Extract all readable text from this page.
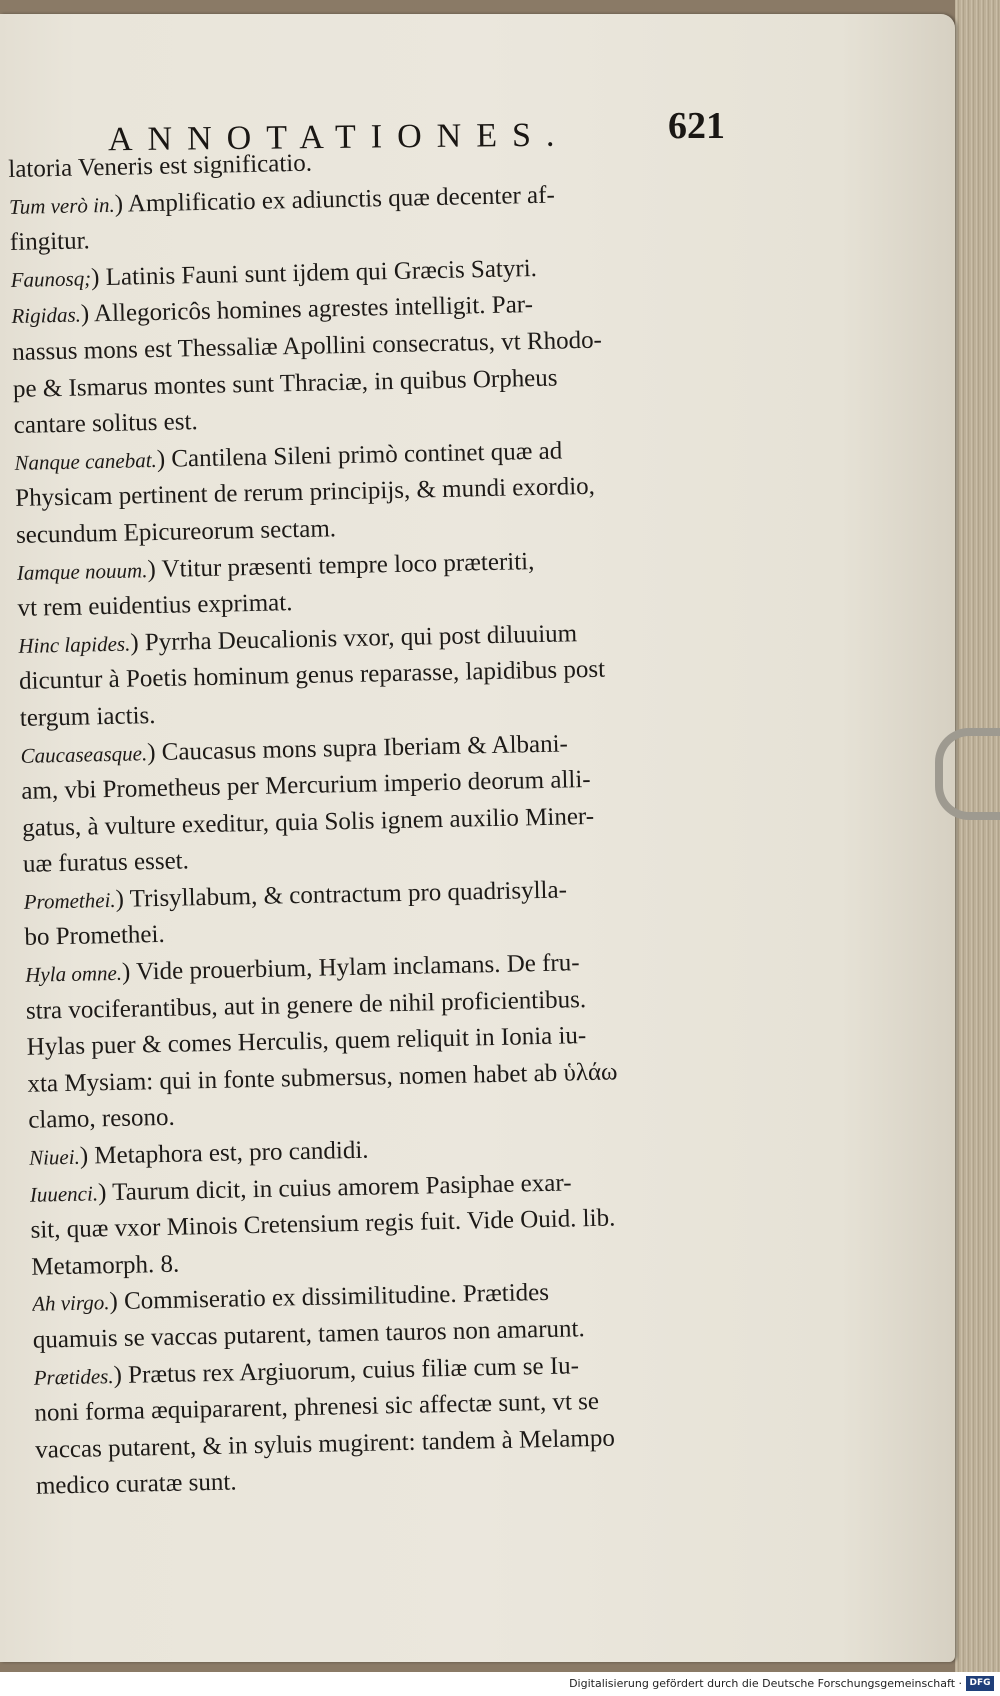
ANNOTATIONES.	621
latoria Veneris est significatio.
Tum verò in.) Amplificatio ex adiunctis quæ decenter af-
fingitur.
Faunosq;) Latinis Fauni sunt ijdem qui Græcis Satyri.
Rigidas.) Allegoricôs homines agrestes intelligit. Par-
nassus mons est Thessaliæ Apollini consecratus, vt Rhodo-
pe & Ismarus montes sunt Thraciæ, in quibus Orpheus
cantare solitus est.
Nanque canebat.) Cantilena Sileni primò continet quæ ad
Physicam pertinent de rerum principijs, & mundi exordio,
secundum Epicureorum sectam.
Iamque nouum.) Vtitur præsenti tempre loco præteriti,
vt rem euidentius exprimat.
Hinc lapides.) Pyrrha Deucalionis vxor, qui post diluuium
dicuntur à Poetis hominum genus reparasse, lapidibus post
tergum iactis.
Caucaseasque.) Caucasus mons supra Iberiam & Albani-
am, vbi Prometheus per Mercurium imperio deorum alli-
gatus, à vulture exeditur, quia Solis ignem auxilio Miner-
uæ furatus esset.
Promethei.) Trisyllabum, & contractum pro quadrisylla-
bo Promethei.
Hyla omne.) Vide prouerbium, Hylam inclamans. De fru-
stra vociferantibus, aut in genere de nihil proficientibus.
Hylas puer & comes Herculis, quem reliquit in Ionia iu-
xta Mysiam: qui in fonte submersus, nomen habet ab ὑλάω
clamo, resono.
Niuei.) Metaphora est, pro candidi.
Iuuenci.) Taurum dicit, in cuius amorem Pasiphae exar-
sit, quæ vxor Minois Cretensium regis fuit. Vide Ouid. lib.
Metamorph. 8.
Ah virgo.) Commiseratio ex dissimilitudine. Prætides
quamuis se vaccas putarent, tamen tauros non amarunt.
Prætides.) Prætus rex Argiuorum, cuius filiæ cum se Iu-
noni forma æquipararent, phrenesi sic affectæ sunt, vt se
vaccas putarent, & in syluis mugirent: tandem à Melampo
medico curatæ sunt.
Digitalisierung gefördert durch die Deutsche Forschungsgemeinschaft · DFG
